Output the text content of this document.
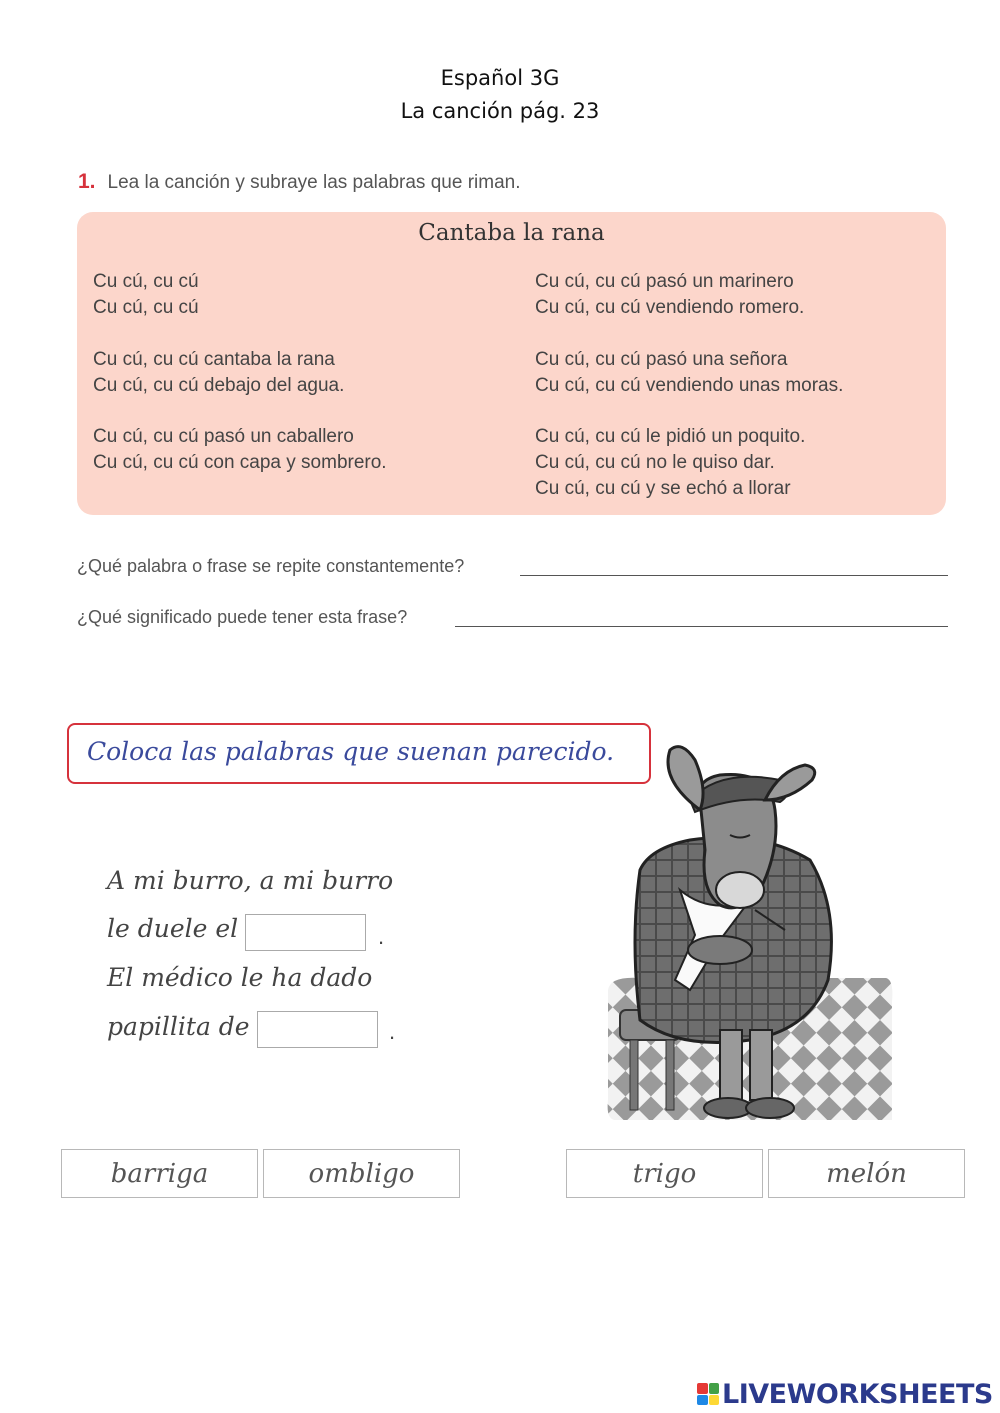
Español 3G
La canción pág. 23
1. Lea la canción y subraye las palabras que riman.
Cantaba la rana
Cu cú, cu cú
Cu cú, cu cú
Cu cú, cu cú cantaba la rana
Cu cú, cu cú debajo del agua.
Cu cú, cu cú pasó un caballero
Cu cú, cu cú con capa y sombrero.
Cu cú, cu cú pasó un marinero
Cu cú, cu cú vendiendo romero.
Cu cú, cu cú pasó una señora
Cu cú, cu cú vendiendo unas moras.
Cu cú, cu cú le pidió un poquito.
Cu cú, cu cú no le quiso dar.
Cu cú, cu cú y se echó a llorar
¿Qué palabra o frase se repite constantemente?
¿Qué significado puede tener esta frase?
Coloca las palabras que suenan parecido.
A mi burro, a mi burro
le duele el	.
El médico le ha dado
papillita de	.
barriga	ombligo	trigo	melón
LIVEWORKSHEETS
